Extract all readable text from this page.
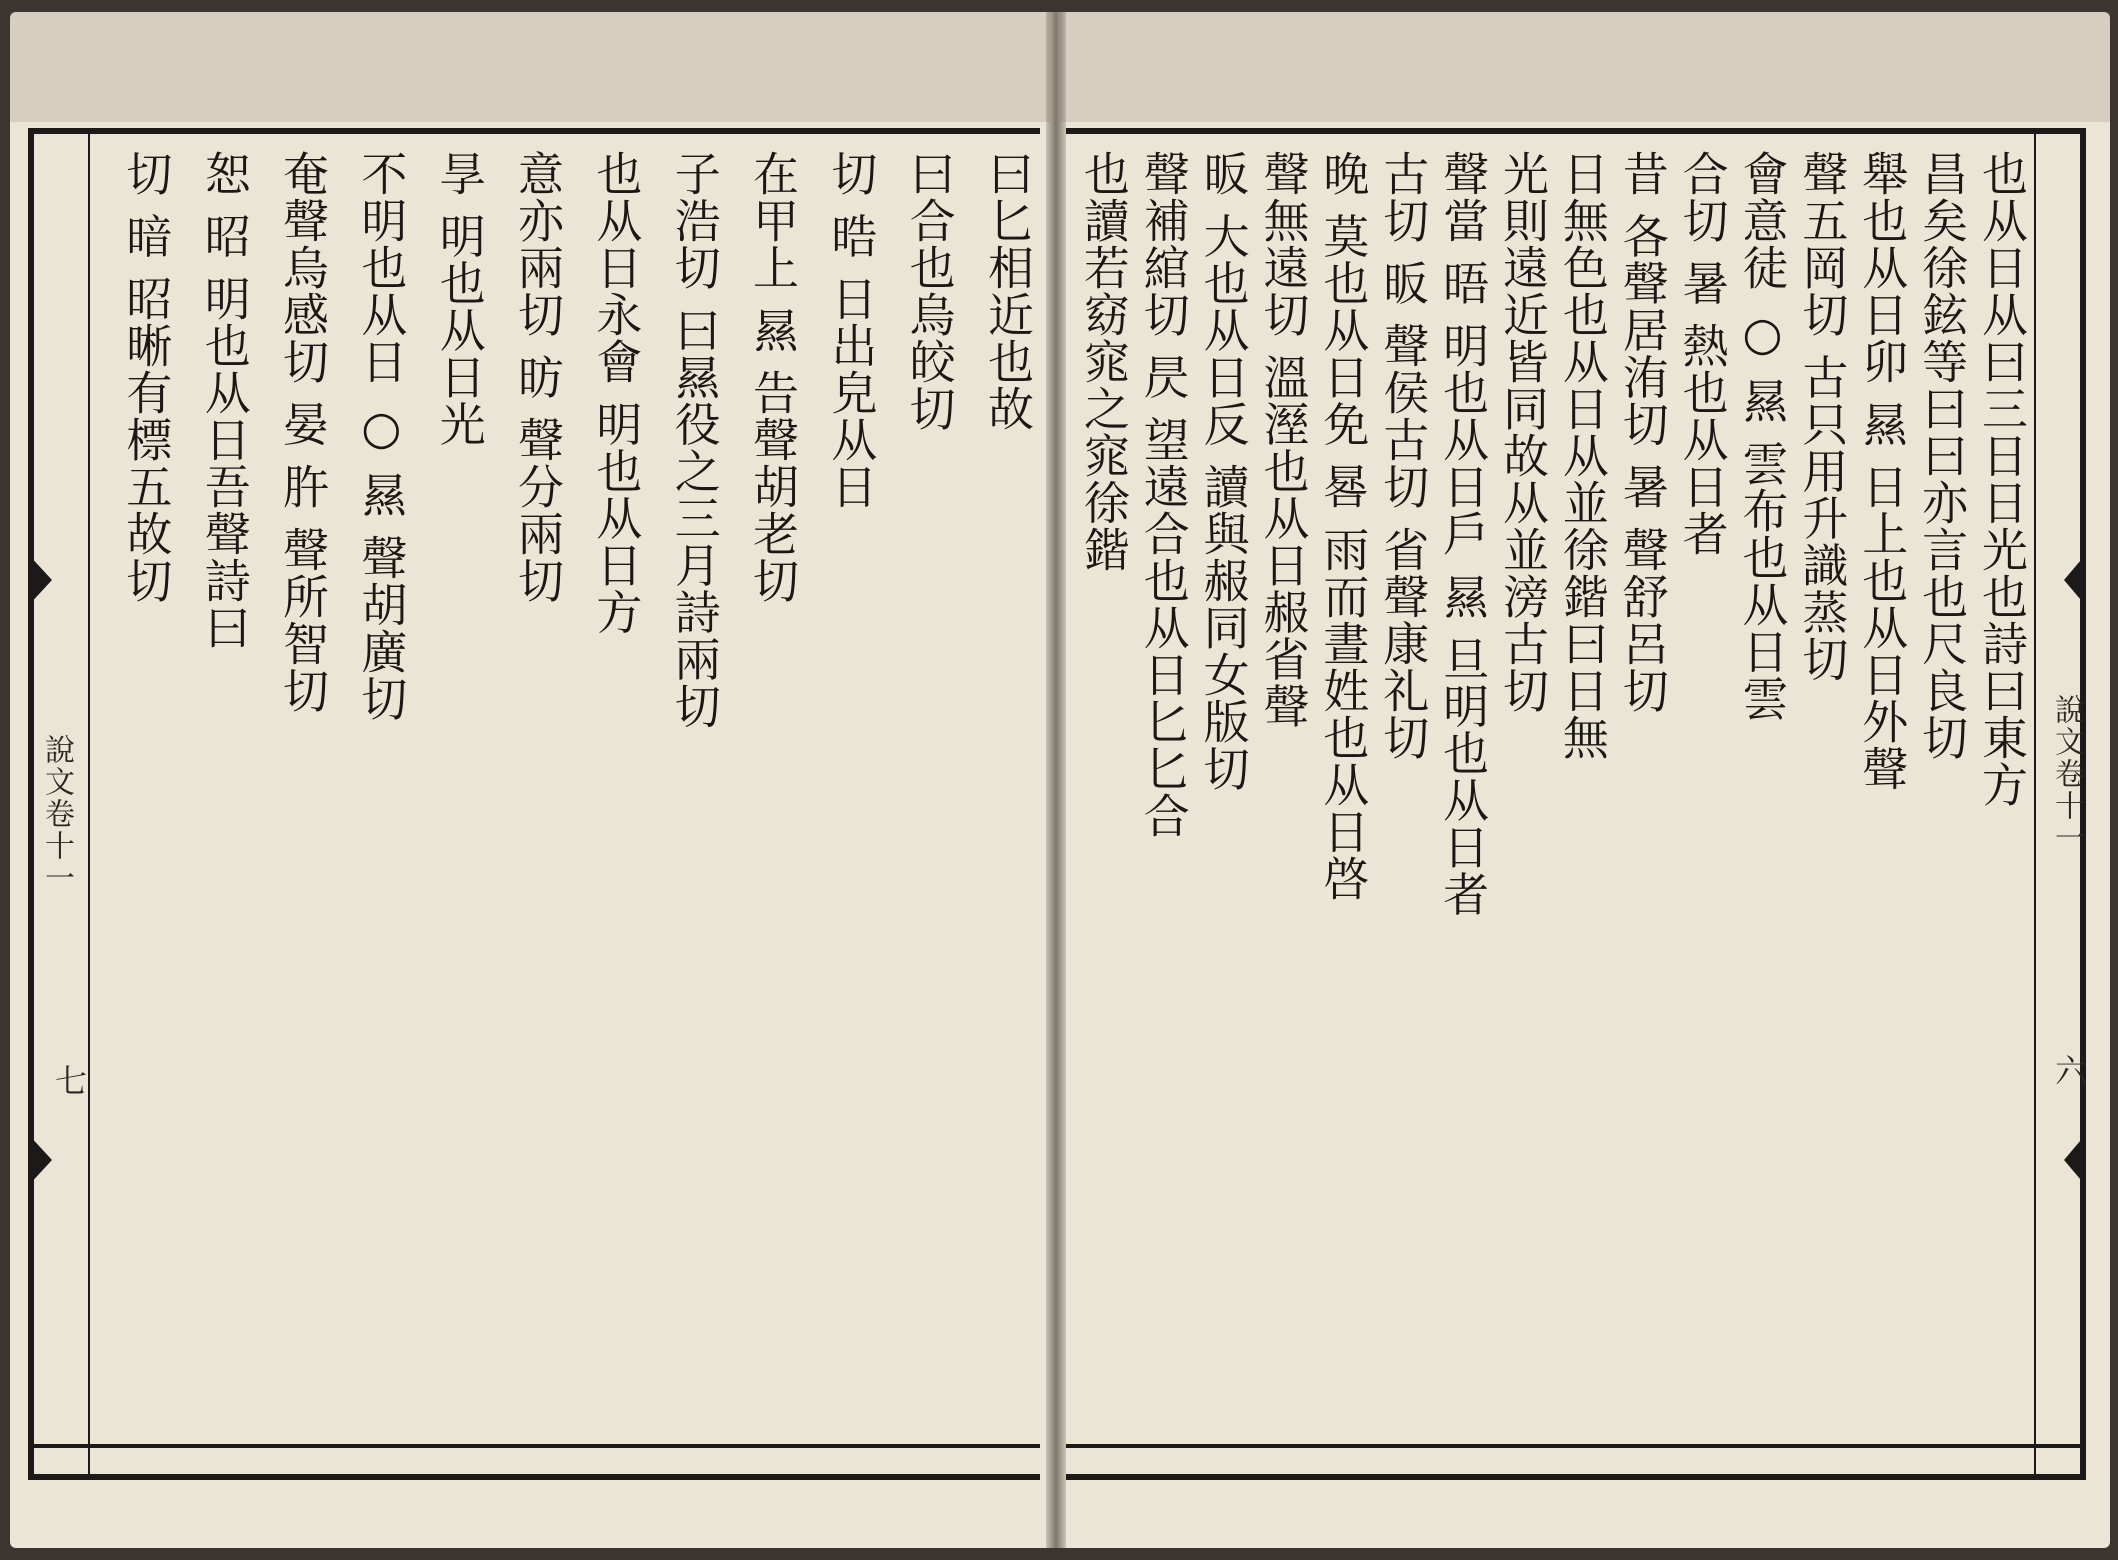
說文卷十一
七
說文卷十一
六
曰匕相近也故
曰合也烏皎切
切 晧 日出皃从日
在甲上 㬎 告聲胡老切
子浩切 曰㬎役之三月詩兩切
也从日永會 明也从日方
意亦兩切 昉 聲分兩切
㫗 明也从日光
不明也从日 ○ 㬎 聲胡廣切
奄聲烏感切 晏 㬳 聲所智切
恕 昭 明也从日吾聲詩曰
切 暗 昭晰有標五故切	也从日从曰三日日光也詩曰東方
昌矣徐鉉等曰曰亦言也尺良切
舉也从日卯 㬎 日上也从日外聲
聲五岡切 古只用升識蒸切
會意徒 ○ 㬎 雲布也从日雲
合切 暑 熱也从日者
昔 各聲居洧切 暑 聲舒呂切
日無色也从日从並徐鍇曰日無
光則遠近皆同故从並滂古切
聲當 晤 明也从日戶 㬎 旦明也从日者
古切 昄 聲侯古切 省聲康礼切
晚 莫也从日免 晷 雨而晝姓也从日啓
聲無遠切 溫溼也从日赧省聲
昄 大也从日反 讀與赧同女版切
聲補綰切 昃 望遠合也从日匕匕合
也讀若窈窕之窕徐鍇
